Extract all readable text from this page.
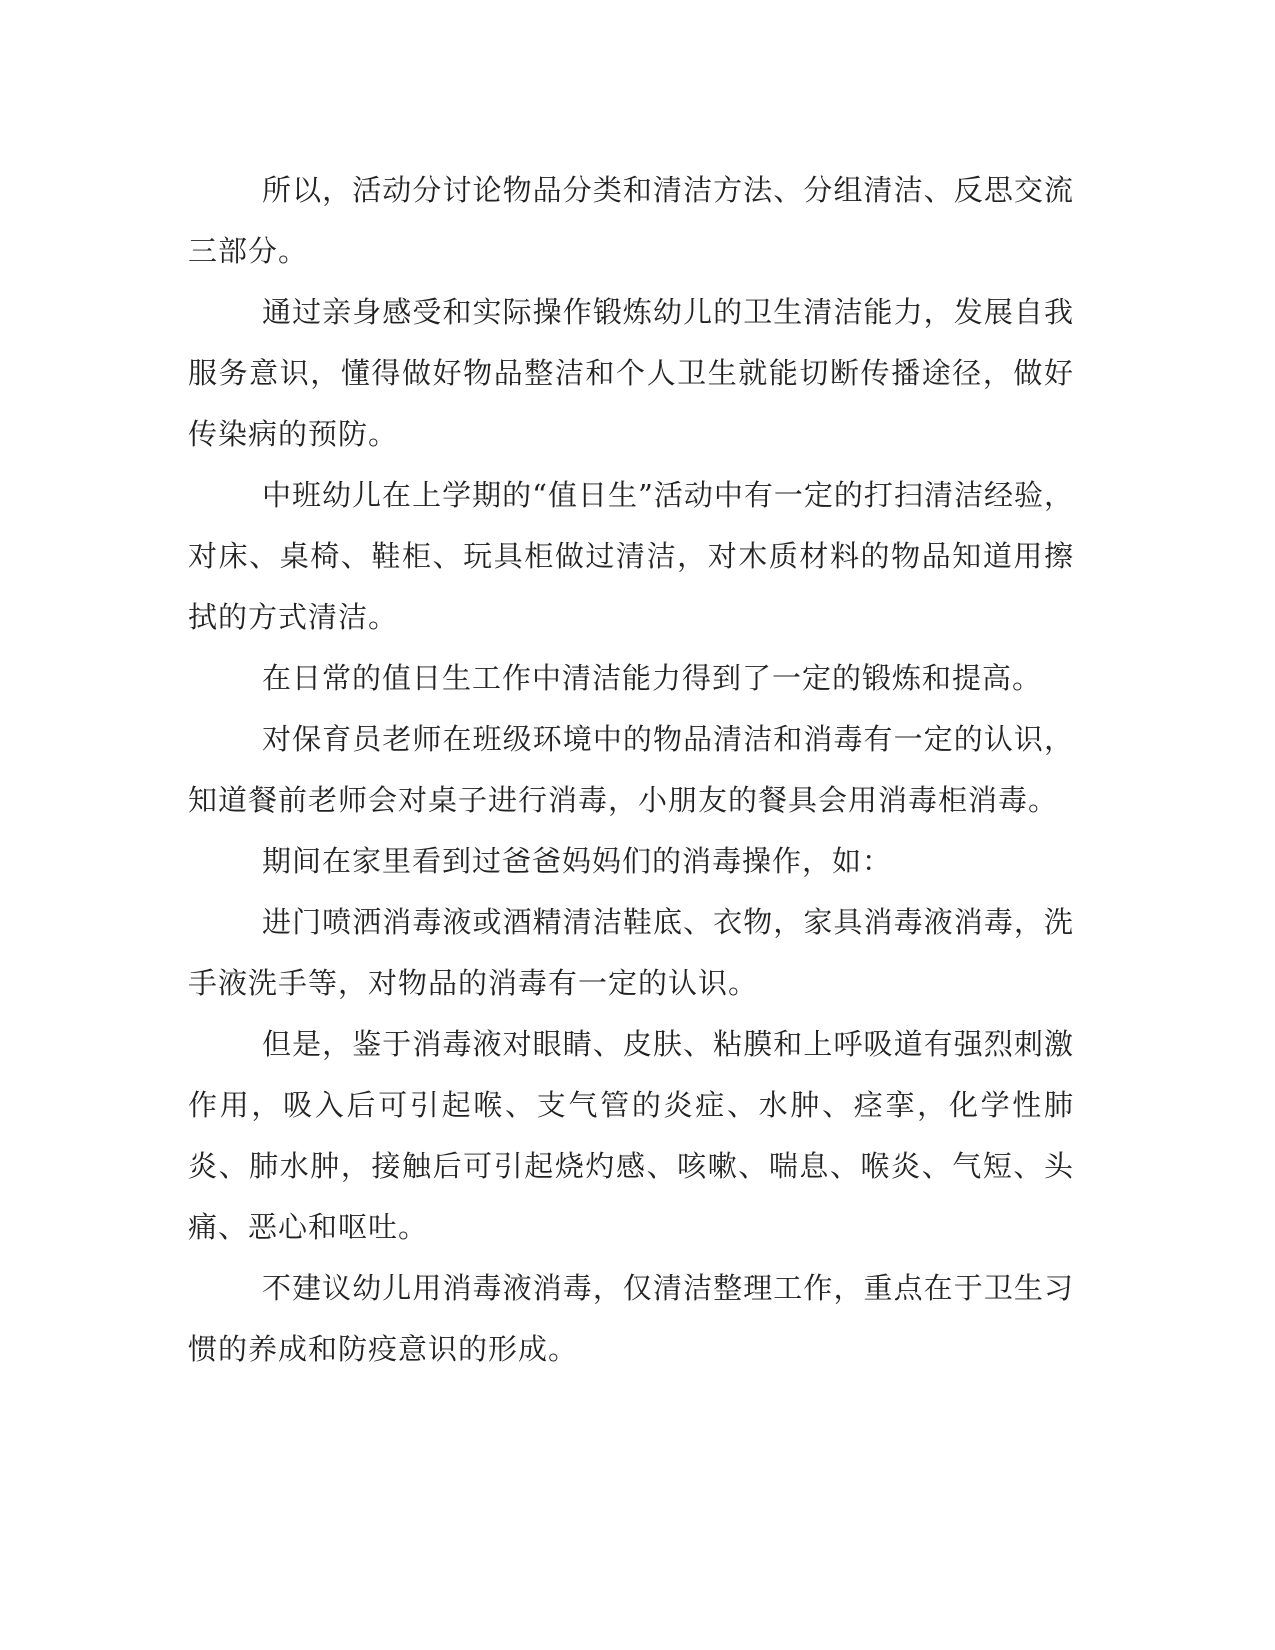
所以，活动分讨论物品分类和清洁方法、分组清洁、反思交流三部分。

通过亲身感受和实际操作锻炼幼儿的卫生清洁能力，发展自我服务意识，懂得做好物品整洁和个人卫生就能切断传播途径，做好传染病的预防。

中班幼儿在上学期的“值日生”活动中有一定的打扫清洁经验，对床、桌椅、鞋柜、玩具柜做过清洁，对木质材料的物品知道用擦拭的方式清洁。

在日常的值日生工作中清洁能力得到了一定的锻炼和提高。

对保育员老师在班级环境中的物品清洁和消毒有一定的认识，知道餐前老师会对桌子进行消毒，小朋友的餐具会用消毒柜消毒。

期间在家里看到过爸爸妈妈们的消毒操作，如：

进门喷洒消毒液或酒精清洁鞋底、衣物，家具消毒液消毒，洗手液洗手等，对物品的消毒有一定的认识。

但是，鉴于消毒液对眼睛、皮肤、粘膜和上呼吸道有强烈刺激作用，吸入后可引起喉、支气管的炎症、水肿、痉挛，化学性肺炎、肺水肿，接触后可引起烧灼感、咳嗽、喘息、喉炎、气短、头痛、恶心和呕吐。

不建议幼儿用消毒液消毒，仅清洁整理工作，重点在于卫生习惯的养成和防疫意识的形成。
